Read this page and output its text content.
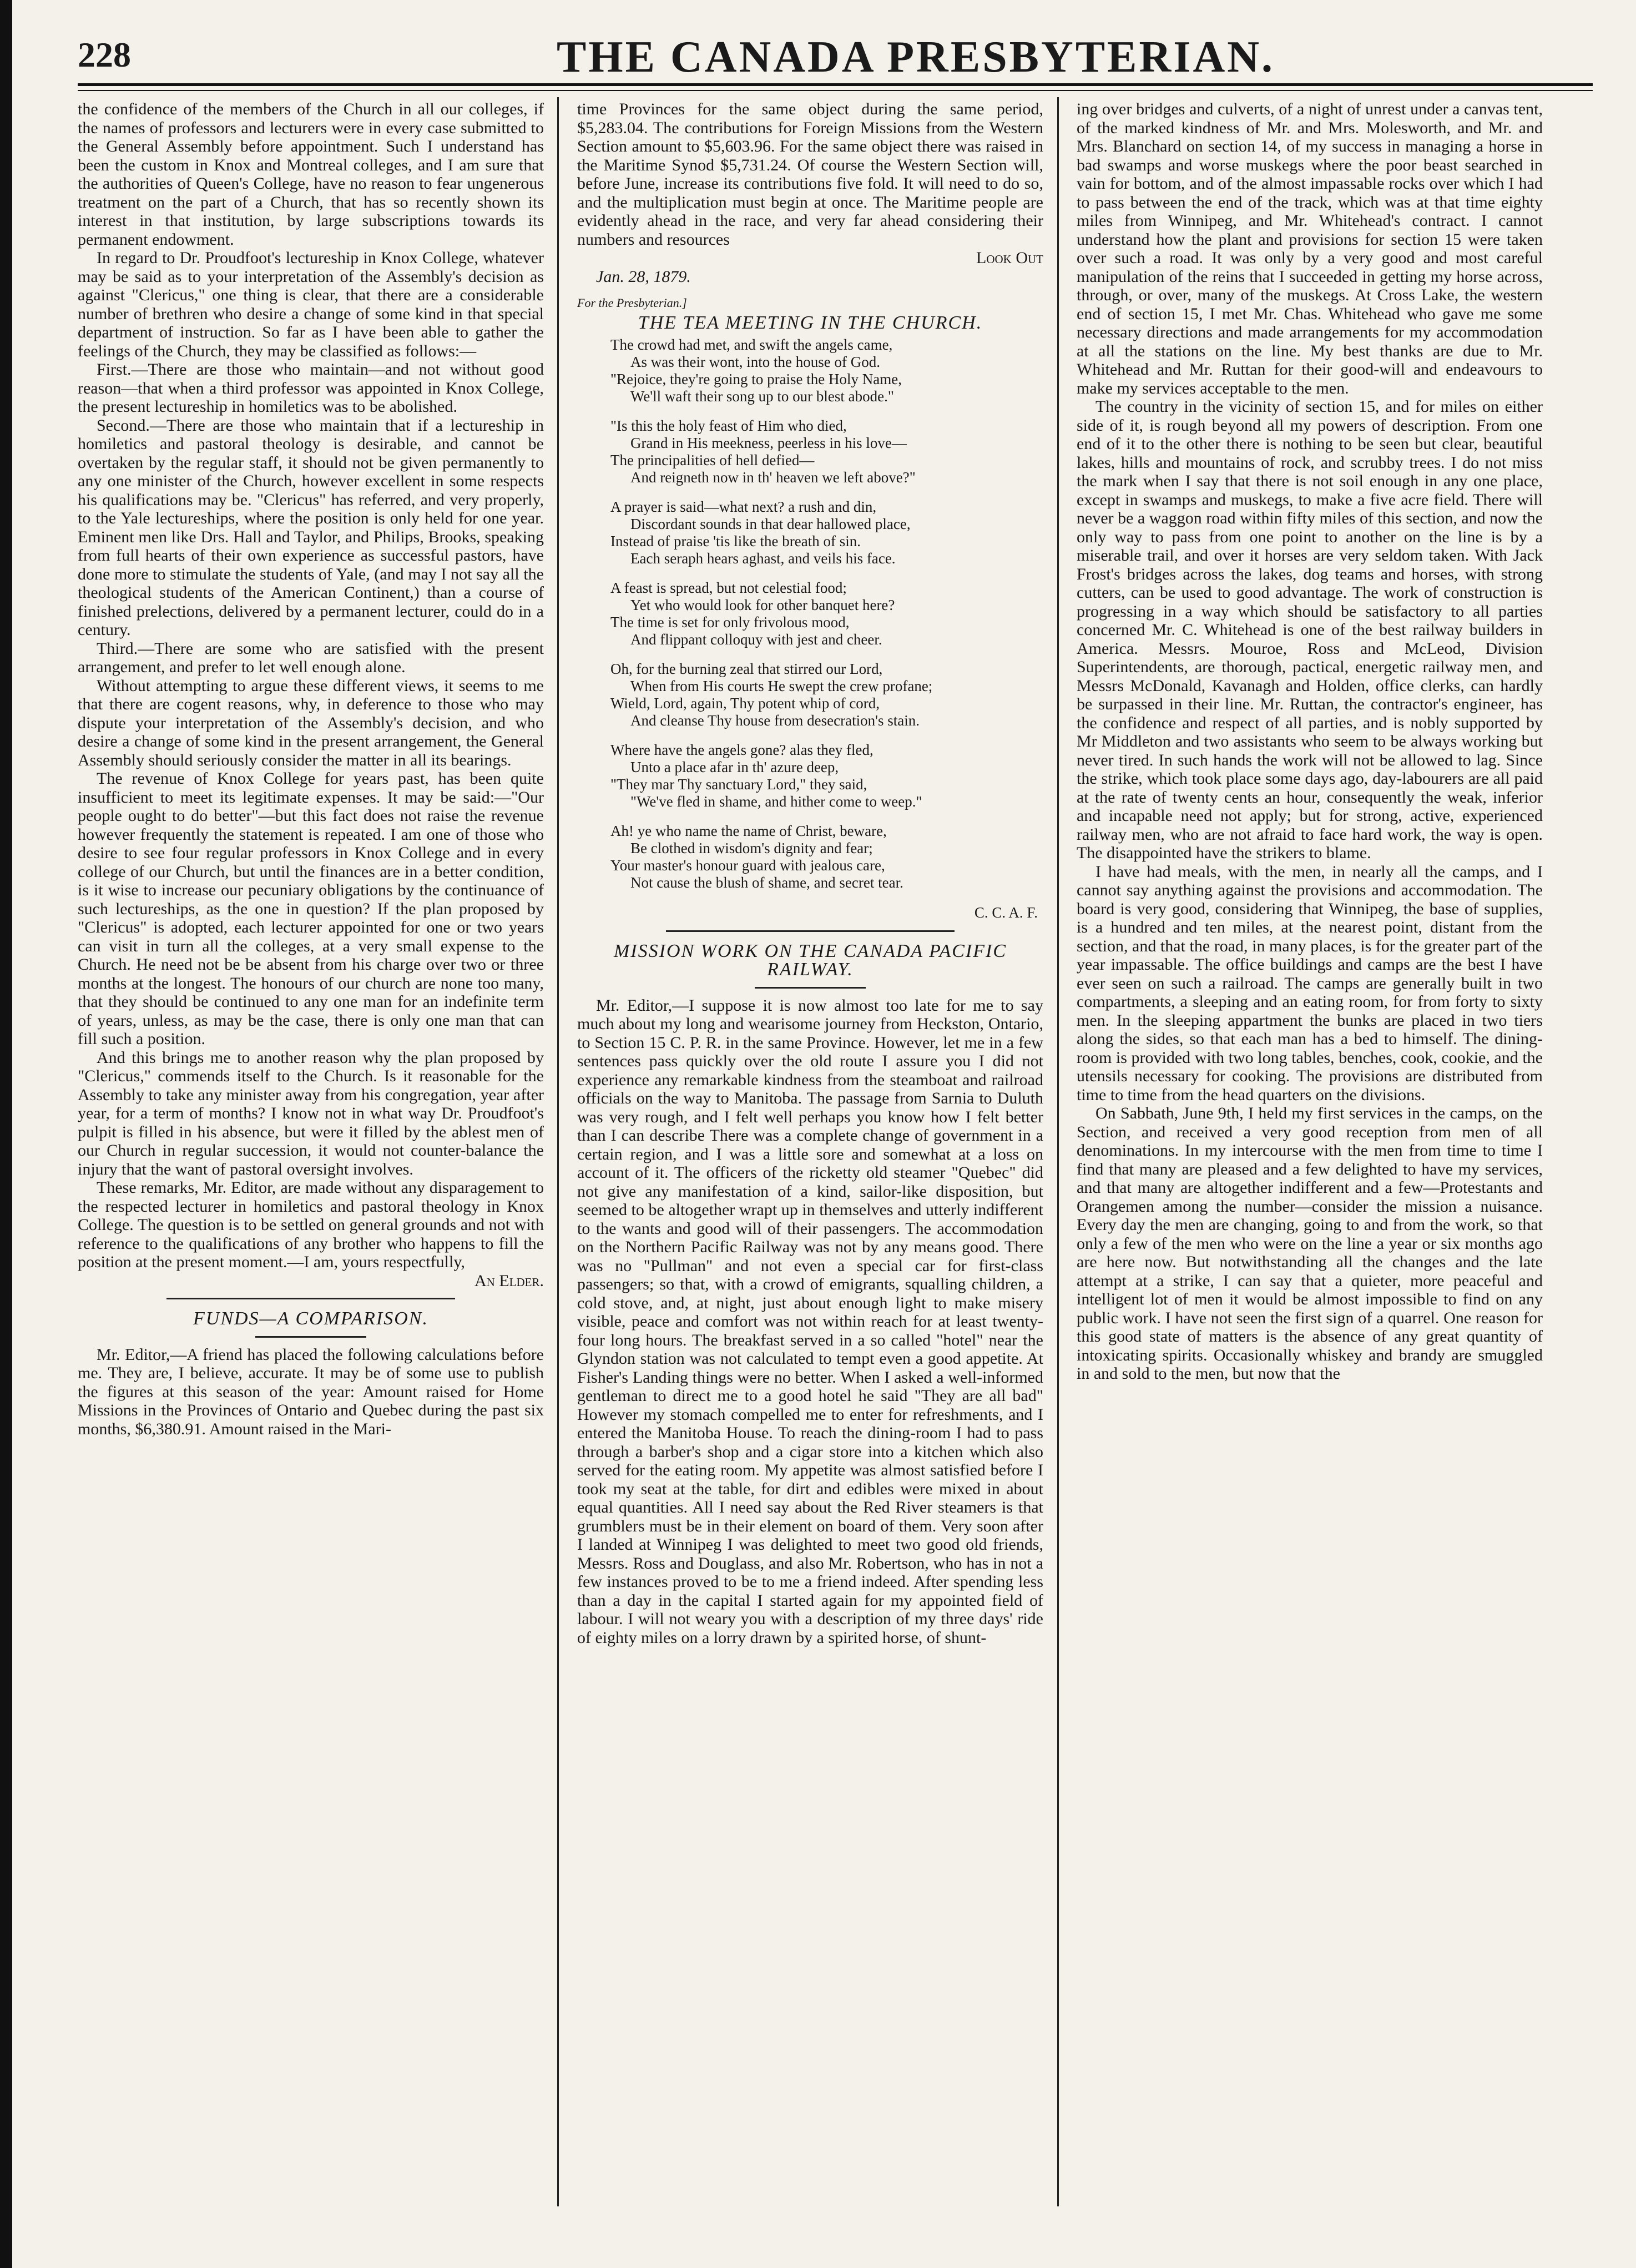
228	THE CANADA PRESBYTERIAN.

the confidence of the members of the Church in all our colleges, if the names of professors and lecturers were in every case submitted to the General Assembly before appointment. Such I understand has been the custom in Knox and Montreal colleges, and I am sure that the authorities of Queen's College, have no reason to fear ungenerous treatment on the part of a Church, that has so recently shown its interest in that institution, by large subscriptions towards its permanent endowment.

In regard to Dr. Proudfoot's lectureship in Knox College, whatever may be said as to your interpretation of the Assembly's decision as against "Clericus," one thing is clear, that there are a considerable number of brethren who desire a change of some kind in that special department of instruction. So far as I have been able to gather the feelings of the Church, they may be classified as follows:—

First.—There are those who maintain—and not without good reason—that when a third professor was appointed in Knox College, the present lectureship in homiletics was to be abolished.

Second.—There are those who maintain that if a lectureship in homiletics and pastoral theology is desirable, and cannot be overtaken by the regular staff, it should not be given permanently to any one minister of the Church, however excellent in some respects his qualifications may be. "Clericus" has referred, and very properly, to the Yale lectureships, where the position is only held for one year. Eminent men like Drs. Hall and Taylor, and Philips, Brooks, speaking from full hearts of their own experience as successful pastors, have done more to stimulate the students of Yale, (and may I not say all the theological students of the American Continent,) than a course of finished prelections, delivered by a permanent lecturer, could do in a century.

Third.—There are some who are satisfied with the present arrangement, and prefer to let well enough alone.

Without attempting to argue these different views, it seems to me that there are cogent reasons, why, in deference to those who may dispute your interpretation of the Assembly's decision, and who desire a change of some kind in the present arrangement, the General Assembly should seriously consider the matter in all its bearings.

The revenue of Knox College for years past, has been quite insufficient to meet its legitimate expenses. It may be said:—"Our people ought to do better"—but this fact does not raise the revenue however frequently the statement is repeated. I am one of those who desire to see four regular professors in Knox College and in every college of our Church, but until the finances are in a better condition, is it wise to increase our pecuniary obligations by the continuance of such lectureships, as the one in question? If the plan proposed by "Clericus" is adopted, each lecturer appointed for one or two years can visit in turn all the colleges, at a very small expense to the Church. He need not be be absent from his charge over two or three months at the longest. The honours of our church are none too many, that they should be continued to any one man for an indefinite term of years, unless, as may be the case, there is only one man that can fill such a position.

And this brings me to another reason why the plan proposed by "Clericus," commends itself to the Church. Is it reasonable for the Assembly to take any minister away from his congregation, year after year, for a term of months? I know not in what way Dr. Proudfoot's pulpit is filled in his absence, but were it filled by the ablest men of our Church in regular succession, it would not counter-balance the injury that the want of pastoral oversight involves.

These remarks, Mr. Editor, are made without any disparagement to the respected lecturer in homiletics and pastoral theology in Knox College. The question is to be settled on general grounds and not with reference to the qualifications of any brother who happens to fill the position at the present moment.—I am, yours respectfully,

An Elder.
FUNDS—A COMPARISON.

Mr. Editor,—A friend has placed the following calculations before me. They are, I believe, accurate. It may be of some use to publish the figures at this season of the year: Amount raised for Home Missions in the Provinces of Ontario and Quebec during the past six months, $6,380.91. Amount raised in the Mari-

time Provinces for the same object during the same period, $5,283.04. The contributions for Foreign Missions from the Western Section amount to $5,603.96. For the same object there was raised in the Maritime Synod $5,731.24. Of course the Western Section will, before June, increase its contributions five fold. It will need to do so, and the multiplication must begin at once. The Maritime people are evidently ahead in the race, and very far ahead considering their numbers and resources

Look Out

Jan. 28, 1879.

For the Presbyterian.]
THE TEA MEETING IN THE CHURCH.
The crowd had met, and swift the angels came,
As was their wont, into the house of God.
"Rejoice, they're going to praise the Holy Name,
We'll waft their song up to our blest abode."
"Is this the holy feast of Him who died,
Grand in His meekness, peerless in his love—
The principalities of hell defied—
And reigneth now in th' heaven we left above?"
A prayer is said—what next? a rush and din,
Discordant sounds in that dear hallowed place,
Instead of praise 'tis like the breath of sin.
Each seraph hears aghast, and veils his face.
A feast is spread, but not celestial food;
Yet who would look for other banquet here?
The time is set for only frivolous mood,
And flippant colloquy with jest and cheer.
Oh, for the burning zeal that stirred our Lord,
When from His courts He swept the crew profane;
Wield, Lord, again, Thy potent whip of cord,
And cleanse Thy house from desecration's stain.
Where have the angels gone? alas they fled,
Unto a place afar in th' azure deep,
"They mar Thy sanctuary Lord," they said,
"We've fled in shame, and hither come to weep."
Ah! ye who name the name of Christ, beware,
Be clothed in wisdom's dignity and fear;
Your master's honour guard with jealous care,
Not cause the blush of shame, and secret tear.
C. C. A. F.
MISSION WORK ON THE CANADA PACIFIC RAILWAY.

Mr. Editor,—I suppose it is now almost too late for me to say much about my long and wearisome journey from Heckston, Ontario, to Section 15 C. P. R. in the same Province. However, let me in a few sentences pass quickly over the old route I assure you I did not experience any remarkable kindness from the steamboat and railroad officials on the way to Manitoba. The passage from Sarnia to Duluth was very rough, and I felt well perhaps you know how I felt better than I can describe There was a complete change of government in a certain region, and I was a little sore and somewhat at a loss on account of it. The officers of the ricketty old steamer "Quebec" did not give any manifestation of a kind, sailor-like disposition, but seemed to be altogether wrapt up in themselves and utterly indifferent to the wants and good will of their passengers. The accommodation on the Northern Pacific Railway was not by any means good. There was no "Pullman" and not even a special car for first-class passengers; so that, with a crowd of emigrants, squalling children, a cold stove, and, at night, just about enough light to make misery visible, peace and comfort was not within reach for at least twenty-four long hours. The breakfast served in a so called "hotel" near the Glyndon station was not calculated to tempt even a good appetite. At Fisher's Landing things were no better. When I asked a well-informed gentleman to direct me to a good hotel he said "They are all bad" However my stomach compelled me to enter for refreshments, and I entered the Manitoba House. To reach the dining-room I had to pass through a barber's shop and a cigar store into a kitchen which also served for the eating room. My appetite was almost satisfied before I took my seat at the table, for dirt and edibles were mixed in about equal quantities. All I need say about the Red River steamers is that grumblers must be in their element on board of them. Very soon after I landed at Winnipeg I was delighted to meet two good old friends, Messrs. Ross and Douglass, and also Mr. Robertson, who has in not a few instances proved to be to me a friend indeed. After spending less than a day in the capital I started again for my appointed field of labour. I will not weary you with a description of my three days' ride of eighty miles on a lorry drawn by a spirited horse, of shunt-

ing over bridges and culverts, of a night of unrest under a canvas tent, of the marked kindness of Mr. and Mrs. Molesworth, and Mr. and Mrs. Blanchard on section 14, of my success in managing a horse in bad swamps and worse muskegs where the poor beast searched in vain for bottom, and of the almost impassable rocks over which I had to pass between the end of the track, which was at that time eighty miles from Winnipeg, and Mr. Whitehead's contract. I cannot understand how the plant and provisions for section 15 were taken over such a road. It was only by a very good and most careful manipulation of the reins that I succeeded in getting my horse across, through, or over, many of the muskegs. At Cross Lake, the western end of section 15, I met Mr. Chas. Whitehead who gave me some necessary directions and made arrangements for my accommodation at all the stations on the line. My best thanks are due to Mr. Whitehead and Mr. Ruttan for their good-will and endeavours to make my services acceptable to the men.

The country in the vicinity of section 15, and for miles on either side of it, is rough beyond all my powers of description. From one end of it to the other there is nothing to be seen but clear, beautiful lakes, hills and mountains of rock, and scrubby trees. I do not miss the mark when I say that there is not soil enough in any one place, except in swamps and muskegs, to make a five acre field. There will never be a waggon road within fifty miles of this section, and now the only way to pass from one point to another on the line is by a miserable trail, and over it horses are very seldom taken. With Jack Frost's bridges across the lakes, dog teams and horses, with strong cutters, can be used to good advantage. The work of construction is progressing in a way which should be satisfactory to all parties concerned Mr. C. Whitehead is one of the best railway builders in America. Messrs. Mouroe, Ross and McLeod, Division Superintendents, are thorough, pactical, energetic railway men, and Messrs McDonald, Kavanagh and Holden, office clerks, can hardly be surpassed in their line. Mr. Ruttan, the contractor's engineer, has the confidence and respect of all parties, and is nobly supported by Mr Middleton and two assistants who seem to be always working but never tired. In such hands the work will not be allowed to lag. Since the strike, which took place some days ago, day-labourers are all paid at the rate of twenty cents an hour, consequently the weak, inferior and incapable need not apply; but for strong, active, experienced railway men, who are not afraid to face hard work, the way is open. The disappointed have the strikers to blame.

I have had meals, with the men, in nearly all the camps, and I cannot say anything against the provisions and accommodation. The board is very good, considering that Winnipeg, the base of supplies, is a hundred and ten miles, at the nearest point, distant from the section, and that the road, in many places, is for the greater part of the year impassable. The office buildings and camps are the best I have ever seen on such a railroad. The camps are generally built in two compartments, a sleeping and an eating room, for from forty to sixty men. In the sleeping appartment the bunks are placed in two tiers along the sides, so that each man has a bed to himself. The dining-room is provided with two long tables, benches, cook, cookie, and the utensils necessary for cooking. The provisions are distributed from time to time from the head quarters on the divisions.

On Sabbath, June 9th, I held my first services in the camps, on the Section, and received a very good reception from men of all denominations. In my intercourse with the men from time to time I find that many are pleased and a few delighted to have my services, and that many are altogether indifferent and a few—Protestants and Orangemen among the number—consider the mission a nuisance. Every day the men are changing, going to and from the work, so that only a few of the men who were on the line a year or six months ago are here now. But notwithstanding all the changes and the late attempt at a strike, I can say that a quieter, more peaceful and intelligent lot of men it would be almost impossible to find on any public work. I have not seen the first sign of a quarrel. One reason for this good state of matters is the absence of any great quantity of intoxicating spirits. Occasionally whiskey and brandy are smuggled in and sold to the men, but now that the
